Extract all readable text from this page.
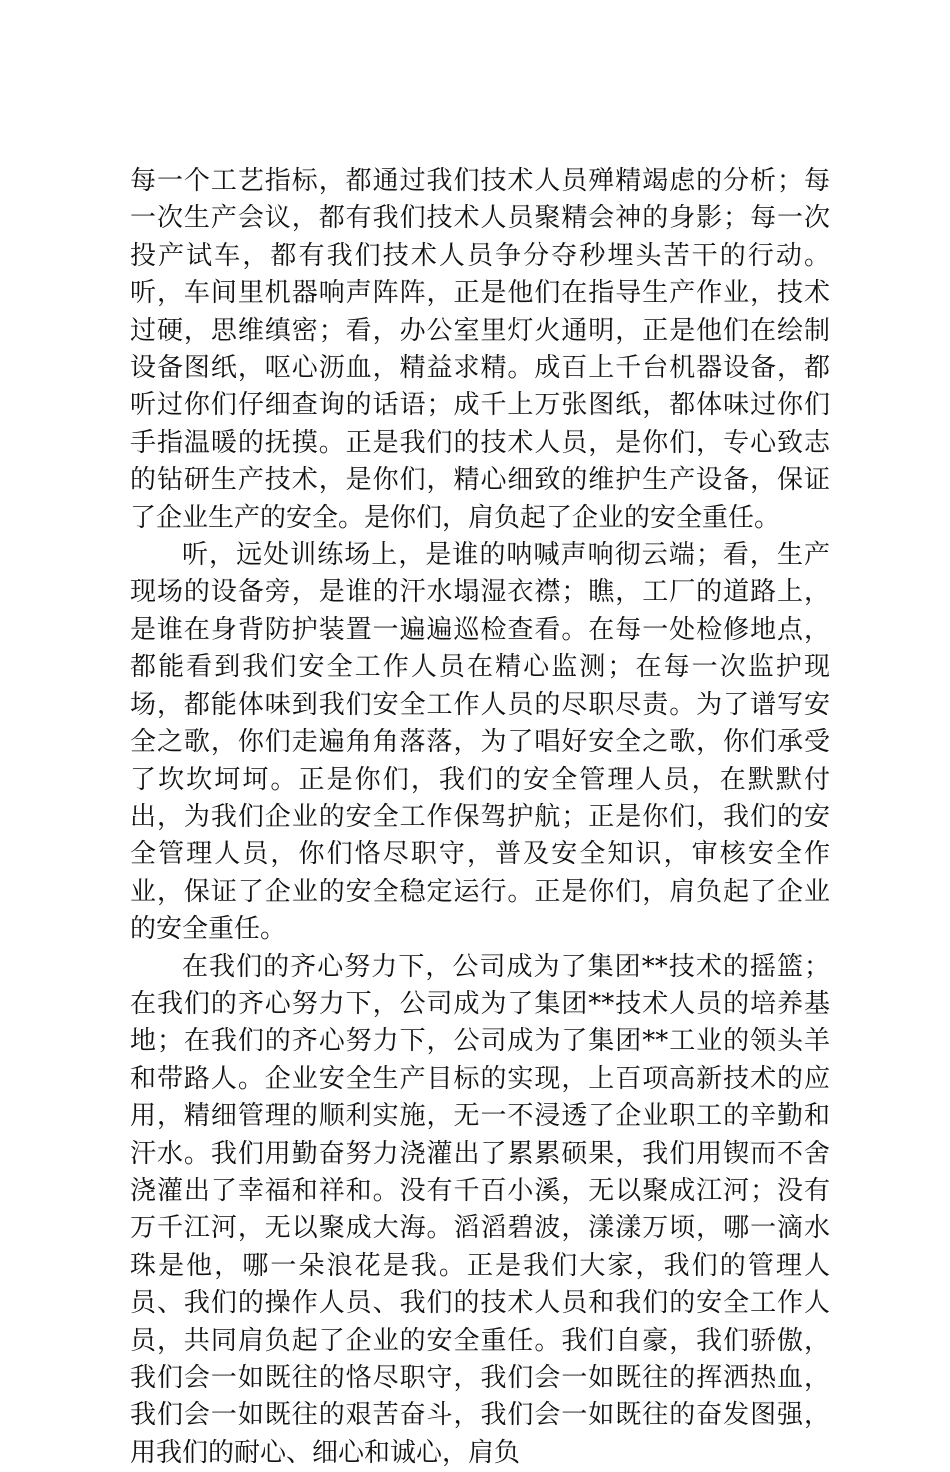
每一个工艺指标，都通过我们技术人员殚精竭虑的分析；每一次生产会议，都有我们技术人员聚精会神的身影；每一次投产试车，都有我们技术人员争分夺秒埋头苦干的行动。听，车间里机器响声阵阵，正是他们在指导生产作业，技术过硬，思维缜密；看，办公室里灯火通明，正是他们在绘制设备图纸，呕心沥血，精益求精。成百上千台机器设备，都听过你们仔细查询的话语；成千上万张图纸，都体味过你们手指温暖的抚摸。正是我们的技术人员，是你们，专心致志的钻研生产技术，是你们，精心细致的维护生产设备，保证了企业生产的安全。是你们，肩负起了企业的安全重任。

听，远处训练场上，是谁的呐喊声响彻云端；看，生产现场的设备旁，是谁的汗水塌湿衣襟；瞧，工厂的道路上，是谁在身背防护装置一遍遍巡检查看。在每一处检修地点，都能看到我们安全工作人员在精心监测；在每一次监护现场，都能体味到我们安全工作人员的尽职尽责。为了谱写安全之歌，你们走遍角角落落，为了唱好安全之歌，你们承受了坎坎坷坷。正是你们，我们的安全管理人员，在默默付出，为我们企业的安全工作保驾护航；正是你们，我们的安全管理人员，你们恪尽职守，普及安全知识，审核安全作业，保证了企业的安全稳定运行。正是你们，肩负起了企业的安全重任。

在我们的齐心努力下，公司成为了集团**技术的摇篮；在我们的齐心努力下，公司成为了集团**技术人员的培养基地；在我们的齐心努力下，公司成为了集团**工业的领头羊和带路人。企业安全生产目标的实现，上百项高新技术的应用，精细管理的顺利实施，无一不浸透了企业职工的辛勤和汗水。我们用勤奋努力浇灌出了累累硕果，我们用锲而不舍浇灌出了幸福和祥和。没有千百小溪，无以聚成江河；没有万千江河，无以聚成大海。滔滔碧波，漾漾万顷，哪一滴水珠是他，哪一朵浪花是我。正是我们大家，我们的管理人员、我们的操作人员、我们的技术人员和我们的安全工作人员，共同肩负起了企业的安全重任。我们自豪，我们骄傲，我们会一如既往的恪尽职守，我们会一如既往的挥洒热血，我们会一如既往的艰苦奋斗，我们会一如既往的奋发图强，用我们的耐心、细心和诚心，肩负
